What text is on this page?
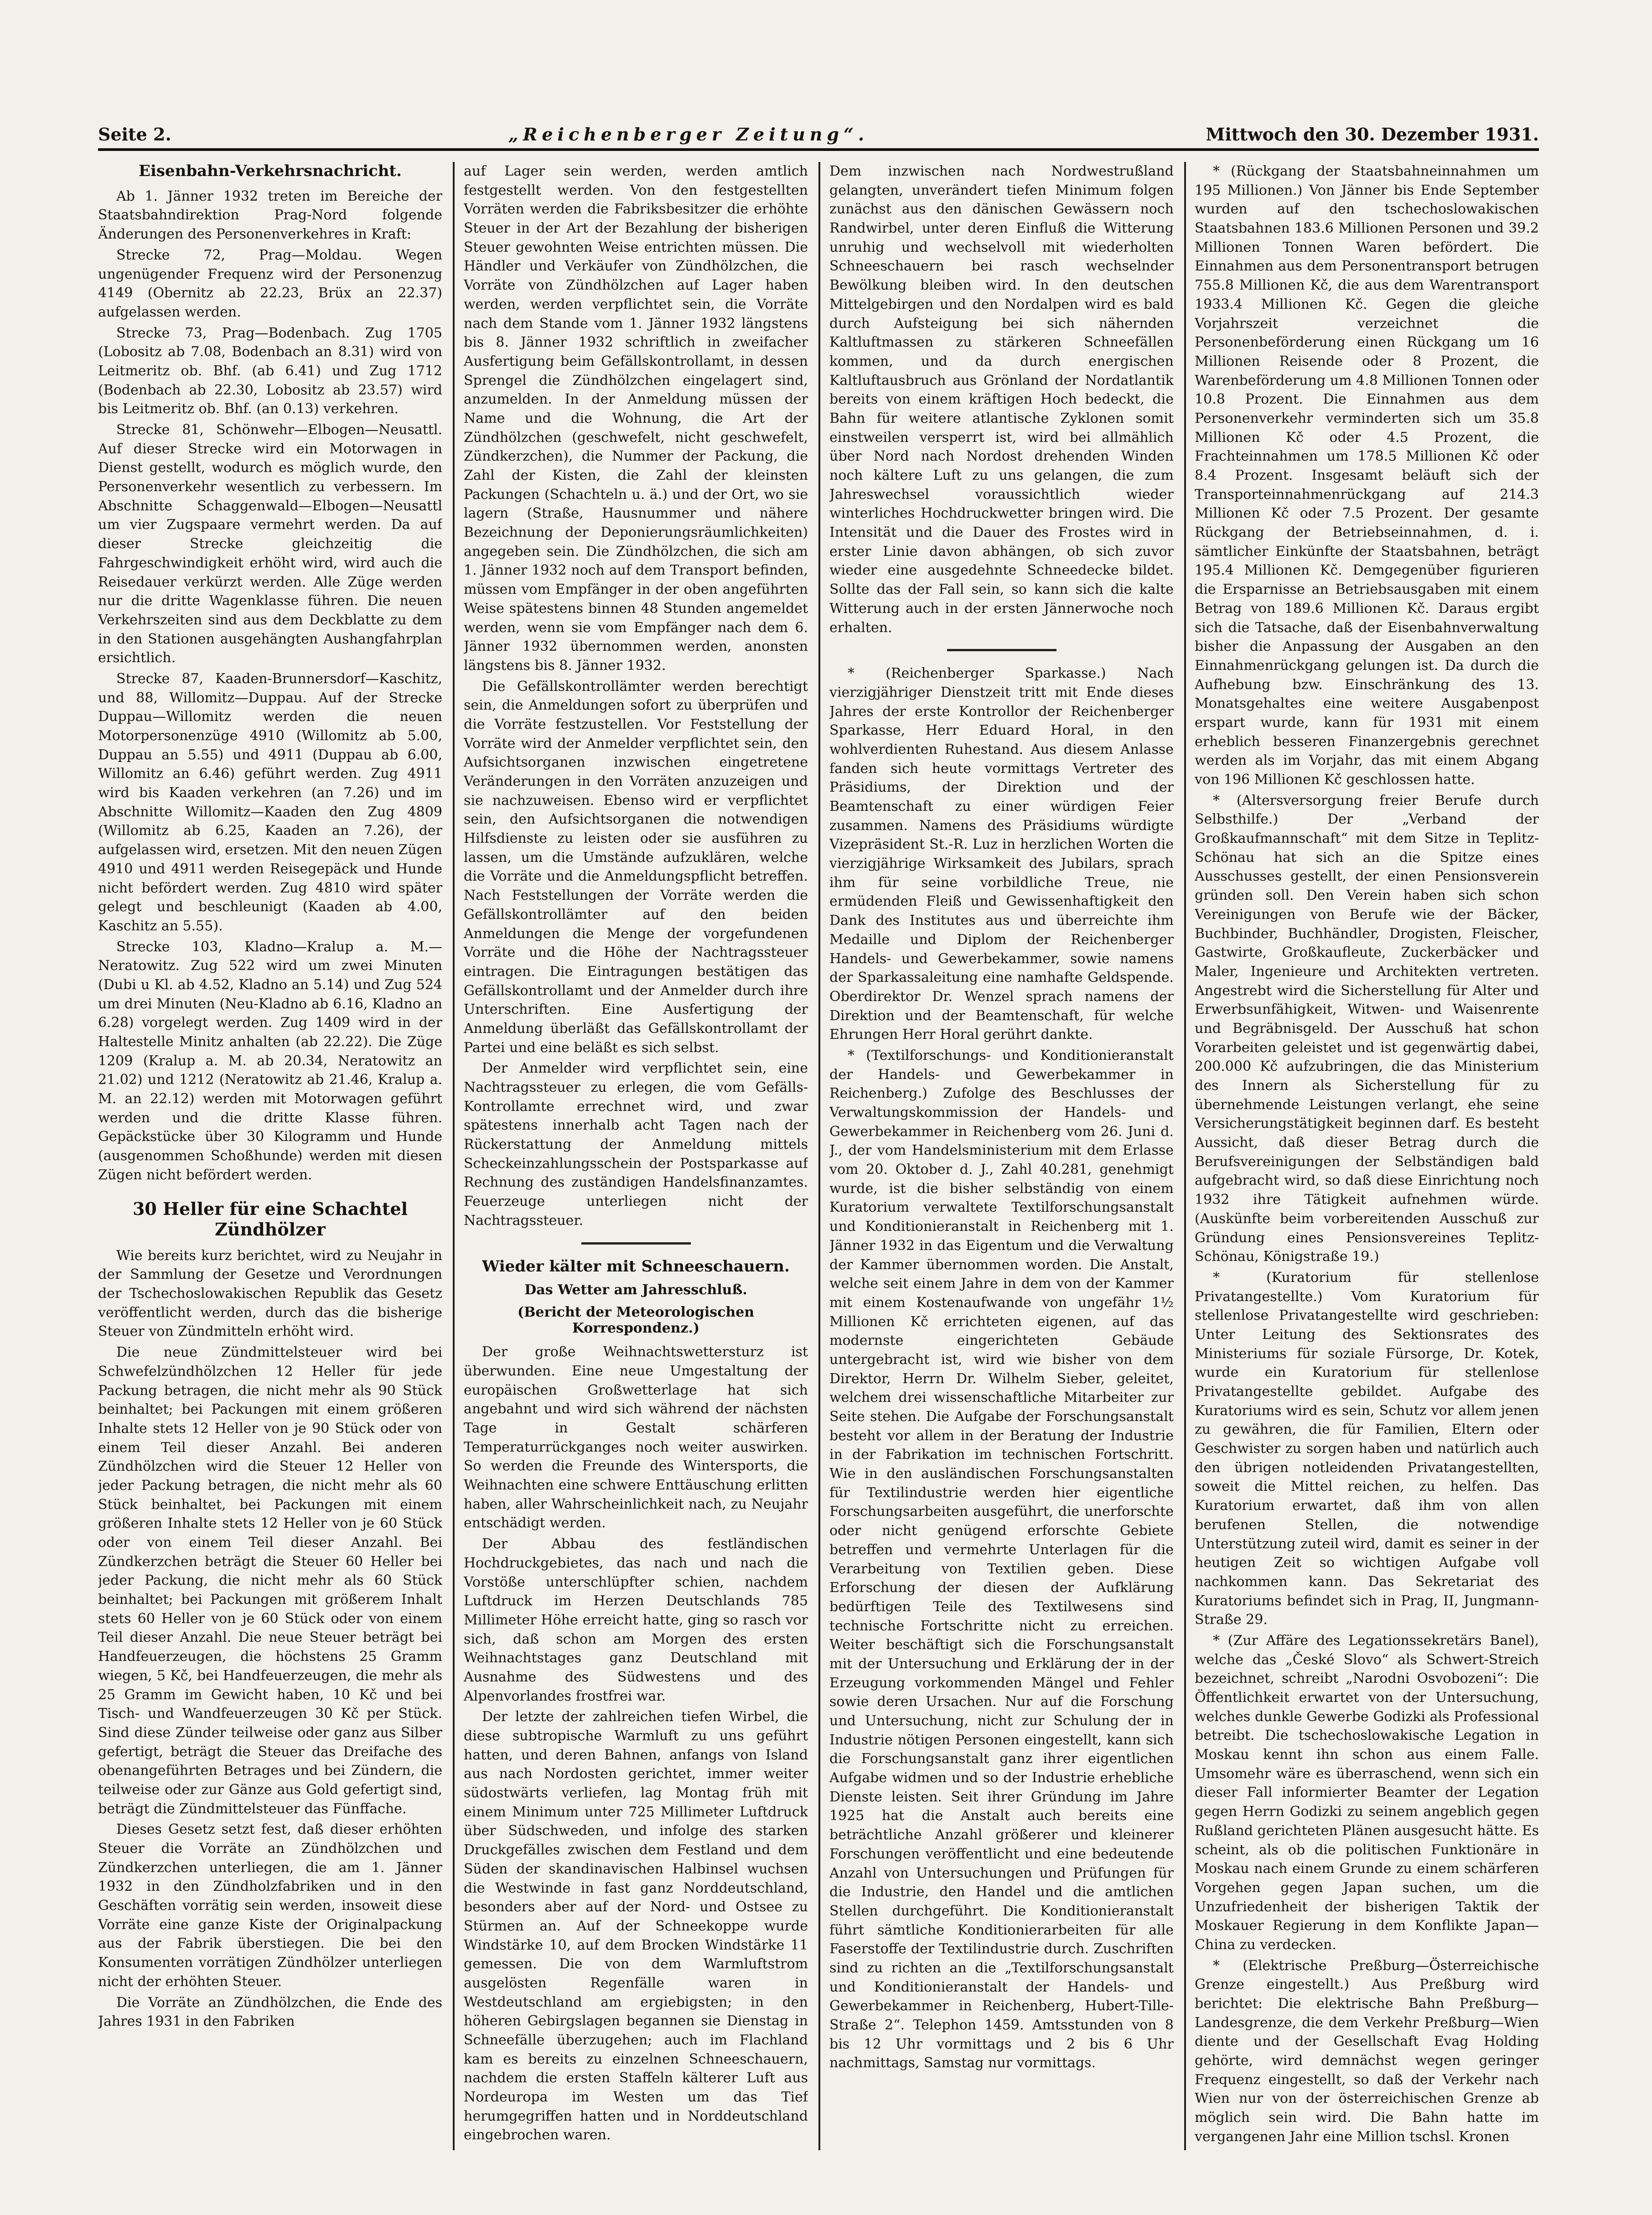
Seite 2.	„Reichenberger Zeitung“.	Mittwoch den 30. Dezember 1931.
Eisenbahn-Verkehrsnachricht.

Ab 1. Jänner 1932 treten im Bereiche der Staatsbahndirektion Prag-Nord folgende Änderungen des Personenverkehres in Kraft:

Strecke 72, Prag—Moldau. Wegen ungenügender Frequenz wird der Personenzug 4149 (Obernitz ab 22.23, Brüx an 22.37) aufgelassen werden.

Strecke 73, Prag—Bodenbach. Zug 1705 (Lobositz ab 7.08, Bodenbach an 8.31) wird von Leitmeritz ob. Bhf. (ab 6.41) und Zug 1712 (Bodenbach ab 22.30, Lobositz ab 23.57) wird bis Leitmeritz ob. Bhf. (an 0.13) verkehren.

Strecke 81, Schönwehr—Elbogen—Neusattl. Auf dieser Strecke wird ein Motorwagen in Dienst gestellt, wodurch es möglich wurde, den Personenverkehr wesentlich zu verbessern. Im Abschnitte Schaggenwald—Elbogen—Neusattl um vier Zugspaare vermehrt werden. Da auf dieser Strecke gleichzeitig die Fahrgeschwindigkeit erhöht wird, wird auch die Reisedauer verkürzt werden. Alle Züge werden nur die dritte Wagenklasse führen. Die neuen Verkehrszeiten sind aus dem Deckblatte zu dem in den Stationen ausgehängten Aushangfahrplan ersichtlich.

Strecke 87, Kaaden-Brunnersdorf—Kaschitz, und 88, Willomitz—Duppau. Auf der Strecke Duppau—Willomitz werden die neuen Motorpersonenzüge 4910 (Willomitz ab 5.00, Duppau an 5.55) und 4911 (Duppau ab 6.00, Willomitz an 6.46) geführt werden. Zug 4911 wird bis Kaaden verkehren (an 7.26) und im Abschnitte Willomitz—Kaaden den Zug 4809 (Willomitz ab 6.25, Kaaden an 7.26), der aufgelassen wird, ersetzen. Mit den neuen Zügen 4910 und 4911 werden Reisegepäck und Hunde nicht befördert werden. Zug 4810 wird später gelegt und beschleunigt (Kaaden ab 4.00, Kaschitz an 5.55).

Strecke 103, Kladno—Kralup a. M.—Neratowitz. Zug 522 wird um zwei Minuten (Dubi u Kl. ab 4.52, Kladno an 5.14) und Zug 524 um drei Minuten (Neu-Kladno ab 6.16, Kladno an 6.28) vorgelegt werden. Zug 1409 wird in der Haltestelle Minitz anhalten (ab 22.22). Die Züge 1209 (Kralup a. M. ab 20.34, Neratowitz an 21.02) und 1212 (Neratowitz ab 21.46, Kralup a. M. an 22.12) werden mit Motorwagen geführt werden und die dritte Klasse führen. Gepäckstücke über 30 Kilogramm und Hunde (ausgenommen Schoßhunde) werden mit diesen Zügen nicht befördert werden.

30 Heller für eine Schachtel Zündhölzer

Wie bereits kurz berichtet, wird zu Neujahr in der Sammlung der Gesetze und Verordnungen der Tschechoslowakischen Republik das Gesetz veröffentlicht werden, durch das die bisherige Steuer von Zündmitteln erhöht wird.

Die neue Zündmittelsteuer wird bei Schwefelzündhölzchen 12 Heller für jede Packung betragen, die nicht mehr als 90 Stück beinhaltet; bei Packungen mit einem größeren Inhalte stets 12 Heller von je 90 Stück oder von einem Teil dieser Anzahl. Bei anderen Zündhölzchen wird die Steuer 12 Heller von jeder Packung betragen, die nicht mehr als 60 Stück beinhaltet, bei Packungen mit einem größeren Inhalte stets 12 Heller von je 60 Stück oder von einem Teil dieser Anzahl. Bei Zündkerzchen beträgt die Steuer 60 Heller bei jeder Packung, die nicht mehr als 60 Stück beinhaltet; bei Packungen mit größerem Inhalt stets 60 Heller von je 60 Stück oder von einem Teil dieser Anzahl. Die neue Steuer beträgt bei Handfeuerzeugen, die höchstens 25 Gramm wiegen, 5 Kč, bei Handfeuerzeugen, die mehr als 25 Gramm im Gewicht haben, 10 Kč und bei Tisch- und Wandfeuerzeugen 30 Kč per Stück. Sind diese Zünder teilweise oder ganz aus Silber gefertigt, beträgt die Steuer das Dreifache des obenangeführten Betrages und bei Zündern, die teilweise oder zur Gänze aus Gold gefertigt sind, beträgt die Zündmittelsteuer das Fünffache.

Dieses Gesetz setzt fest, daß dieser erhöhten Steuer die Vorräte an Zündhölzchen und Zündkerzchen unterliegen, die am 1. Jänner 1932 in den Zündholzfabriken und in den Geschäften vorrätig sein werden, insoweit diese Vorräte eine ganze Kiste der Originalpackung aus der Fabrik überstiegen. Die bei den Konsumenten vorrätigen Zündhölzer unterliegen nicht der erhöhten Steuer.

Die Vorräte an Zündhölzchen, die Ende des Jahres 1931 in den Fabriken

auf Lager sein werden, werden amtlich festgestellt werden. Von den festgestellten Vorräten werden die Fabriksbesitzer die erhöhte Steuer in der Art der Bezahlung der bisherigen Steuer gewohnten Weise entrichten müssen. Die Händler und Verkäufer von Zündhölzchen, die Vorräte von Zündhölzchen auf Lager haben werden, werden verpflichtet sein, die Vorräte nach dem Stande vom 1. Jänner 1932 längstens bis 8. Jänner 1932 schriftlich in zweifacher Ausfertigung beim Gefällskontrollamt, in dessen Sprengel die Zündhölzchen eingelagert sind, anzumelden. In der Anmeldung müssen der Name und die Wohnung, die Art der Zündhölzchen (geschwefelt, nicht geschwefelt, Zündkerzchen), die Nummer der Packung, die Zahl der Kisten, die Zahl der kleinsten Packungen (Schachteln u. ä.) und der Ort, wo sie lagern (Straße, Hausnummer und nähere Bezeichnung der Deponierungsräumlichkeiten) angegeben sein. Die Zündhölzchen, die sich am 1. Jänner 1932 noch auf dem Transport befinden, müssen vom Empfänger in der oben angeführten Weise spätestens binnen 48 Stunden angemeldet werden, wenn sie vom Empfänger nach dem 6. Jänner 1932 übernommen werden, anonsten längstens bis 8. Jänner 1932.

Die Gefällskontrollämter werden berechtigt sein, die Anmeldungen sofort zu überprüfen und die Vorräte festzustellen. Vor Feststellung der Vorräte wird der Anmelder verpflichtet sein, den Aufsichtsorganen inzwischen eingetretene Veränderungen in den Vorräten anzuzeigen und sie nachzuweisen. Ebenso wird er verpflichtet sein, den Aufsichtsorganen die notwendigen Hilfsdienste zu leisten oder sie ausführen zu lassen, um die Umstände aufzuklären, welche die Vorräte und die Anmeldungspflicht betreffen. Nach Feststellungen der Vorräte werden die Gefällskontrollämter auf den beiden Anmeldungen die Menge der vorgefundenen Vorräte und die Höhe der Nachtragssteuer eintragen. Die Eintragungen bestätigen das Gefällskontrollamt und der Anmelder durch ihre Unterschriften. Eine Ausfertigung der Anmeldung überläßt das Gefällskontrollamt der Partei und eine beläßt es sich selbst.

Der Anmelder wird verpflichtet sein, eine Nachtragssteuer zu erlegen, die vom Gefälls-Kontrollamte errechnet wird, und zwar spätestens innerhalb acht Tagen nach der Rückerstattung der Anmeldung mittels Scheckeinzahlungsschein der Postsparkasse auf Rechnung des zuständigen Handelsfinanzamtes. Feuerzeuge unterliegen nicht der Nachtragssteuer.

Wieder kälter mit Schneeschauern.
Das Wetter am Jahresschluß.
(Bericht der Meteorologischen Korrespondenz.)

Der große Weihnachtswettersturz ist überwunden. Eine neue Umgestaltung der europäischen Großwetterlage hat sich angebahnt und wird sich während der nächsten Tage in Gestalt schärferen Temperaturrückganges noch weiter auswirken. So werden die Freunde des Wintersports, die Weihnachten eine schwere Enttäuschung erlitten haben, aller Wahrscheinlichkeit nach, zu Neujahr entschädigt werden.

Der Abbau des festländischen Hochdruckgebietes, das nach und nach die Vorstöße unterschlüpfter schien, nachdem Luftdruck im Herzen Deutschlands 785 Millimeter Höhe erreicht hatte, ging so rasch vor sich, daß schon am Morgen des ersten Weihnachtstages ganz Deutschland mit Ausnahme des Südwestens und des Alpenvorlandes frostfrei war.

Der letzte der zahlreichen tiefen Wirbel, die diese subtropische Warmluft zu uns geführt hatten, und deren Bahnen, anfangs von Island aus nach Nordosten gerichtet, immer weiter südostwärts verliefen, lag Montag früh mit einem Minimum unter 725 Millimeter Luftdruck über Südschweden, und infolge des starken Druckgefälles zwischen dem Festland und dem Süden der skandinavischen Halbinsel wuchsen die Westwinde in fast ganz Norddeutschland, besonders aber auf der Nord- und Ostsee zu Stürmen an. Auf der Schneekoppe wurde Windstärke 10, auf dem Brocken Windstärke 11 gemessen. Die von dem Warmluftstrom ausgelösten Regenfälle waren in Westdeutschland am ergiebigsten; in den höheren Gebirgslagen begannen sie Dienstag in Schneefälle überzugehen; auch im Flachland kam es bereits zu einzelnen Schneeschauern, nachdem die ersten Staffeln kälterer Luft aus Nordeuropa im Westen um das Tief herumgegriffen hatten und in Norddeutschland eingebrochen waren.

Dem inzwischen nach Nordwestrußland gelangten, unverändert tiefen Minimum folgen zunächst aus den dänischen Gewässern noch Randwirbel, unter deren Einfluß die Witterung unruhig und wechselvoll mit wiederholten Schneeschauern bei rasch wechselnder Bewölkung bleiben wird. In den deutschen Mittelgebirgen und den Nordalpen wird es bald durch Aufsteigung bei sich nähernden Kaltluftmassen zu stärkeren Schneefällen kommen, und da durch energischen Kaltluftausbruch aus Grönland der Nordatlantik bereits von einem kräftigen Hoch bedeckt, die Bahn für weitere atlantische Zyklonen somit einstweilen versperrt ist, wird bei allmählich über Nord nach Nordost drehenden Winden noch kältere Luft zu uns gelangen, die zum Jahreswechsel voraussichtlich wieder winterliches Hochdruckwetter bringen wird. Die Intensität und die Dauer des Frostes wird in erster Linie davon abhängen, ob sich zuvor wieder eine ausgedehnte Schneedecke bildet. Sollte das der Fall sein, so kann sich die kalte Witterung auch in der ersten Jännerwoche noch erhalten.

* (Reichenberger Sparkasse.) Nach vierzigjähriger Dienstzeit tritt mit Ende dieses Jahres der erste Kontrollor der Reichenberger Sparkasse, Herr Eduard Horal, in den wohlverdienten Ruhestand. Aus diesem Anlasse fanden sich heute vormittags Vertreter des Präsidiums, der Direktion und der Beamtenschaft zu einer würdigen Feier zusammen. Namens des Präsidiums würdigte Vizepräsident St.-R. Luz in herzlichen Worten die vierzigjährige Wirksamkeit des Jubilars, sprach ihm für seine vorbildliche Treue, nie ermüdenden Fleiß und Gewissenhaftigkeit den Dank des Institutes aus und überreichte ihm Medaille und Diplom der Reichenberger Handels- und Gewerbekammer, sowie namens der Sparkassaleitung eine namhafte Geldspende. Oberdirektor Dr. Wenzel sprach namens der Direktion und der Beamtenschaft, für welche Ehrungen Herr Horal gerührt dankte.

* (Textilforschungs- und Konditionieranstalt der Handels- und Gewerbekammer in Reichenberg.) Zufolge des Beschlusses der Verwaltungskommission der Handels- und Gewerbekammer in Reichenberg vom 26. Juni d. J., der vom Handelsministerium mit dem Erlasse vom 20. Oktober d. J., Zahl 40.281, genehmigt wurde, ist die bisher selbständig von einem Kuratorium verwaltete Textilforschungsanstalt und Konditionieranstalt in Reichenberg mit 1. Jänner 1932 in das Eigentum und die Verwaltung der Kammer übernommen worden. Die Anstalt, welche seit einem Jahre in dem von der Kammer mit einem Kostenaufwande von ungefähr 1½ Millionen Kč errichteten eigenen, auf das modernste eingerichteten Gebäude untergebracht ist, wird wie bisher von dem Direktor, Herrn Dr. Wilhelm Sieber, geleitet, welchem drei wissenschaftliche Mitarbeiter zur Seite stehen. Die Aufgabe der Forschungsanstalt besteht vor allem in der Beratung der Industrie in der Fabrikation im technischen Fortschritt. Wie in den ausländischen Forschungsanstalten für Textilindustrie werden hier eigentliche Forschungsarbeiten ausgeführt, die unerforschte oder nicht genügend erforschte Gebiete betreffen und vermehrte Unterlagen für die Verarbeitung von Textilien geben. Diese Erforschung der diesen der Aufklärung bedürftigen Teile des Textilwesens sind technische Fortschritte nicht zu erreichen. Weiter beschäftigt sich die Forschungsanstalt mit der Untersuchung und Erklärung der in der Erzeugung vorkommenden Mängel und Fehler sowie deren Ursachen. Nur auf die Forschung und Untersuchung, nicht zur Schulung der in Industrie nötigen Personen eingestellt, kann sich die Forschungsanstalt ganz ihrer eigentlichen Aufgabe widmen und so der Industrie erhebliche Dienste leisten. Seit ihrer Gründung im Jahre 1925 hat die Anstalt auch bereits eine beträchtliche Anzahl größerer und kleinerer Forschungen veröffentlicht und eine bedeutende Anzahl von Untersuchungen und Prüfungen für die Industrie, den Handel und die amtlichen Stellen durchgeführt. Die Konditionieranstalt führt sämtliche Konditionierarbeiten für alle Faserstoffe der Textilindustrie durch. Zuschriften sind zu richten an die „Textilforschungsanstalt und Konditionieranstalt der Handels- und Gewerbekammer in Reichenberg, Hubert-Tille-Straße 2“. Telephon 1459. Amtsstunden von 8 bis 12 Uhr vormittags und 2 bis 6 Uhr nachmittags, Samstag nur vormittags.

* (Rückgang der Staatsbahneinnahmen um 195 Millionen.) Von Jänner bis Ende September wurden auf den tschechoslowakischen Staatsbahnen 183.6 Millionen Personen und 39.2 Millionen Tonnen Waren befördert. Die Einnahmen aus dem Personentransport betrugen 755.8 Millionen Kč, die aus dem Warentransport 1933.4 Millionen Kč. Gegen die gleiche Vorjahrszeit verzeichnet die Personenbeförderung einen Rückgang um 16 Millionen Reisende oder 8 Prozent, die Warenbeförderung um 4.8 Millionen Tonnen oder 10.8 Prozent. Die Einnahmen aus dem Personenverkehr verminderten sich um 35.8 Millionen Kč oder 4.5 Prozent, die Frachteinnahmen um 178.5 Millionen Kč oder 8.4 Prozent. Insgesamt beläuft sich der Transporteinnahmenrückgang auf 214.3 Millionen Kč oder 7.5 Prozent. Der gesamte Rückgang der Betriebseinnahmen, d. i. sämtlicher Einkünfte der Staatsbahnen, beträgt 195.4 Millionen Kč. Demgegenüber figurieren die Ersparnisse an Betriebsausgaben mit einem Betrag von 189.6 Millionen Kč. Daraus ergibt sich die Tatsache, daß der Eisenbahnverwaltung bisher die Anpassung der Ausgaben an den Einnahmenrückgang gelungen ist. Da durch die Aufhebung bzw. Einschränkung des 13. Monatsgehaltes eine weitere Ausgabenpost erspart wurde, kann für 1931 mit einem erheblich besseren Finanzergebnis gerechnet werden als im Vorjahr, das mit einem Abgang von 196 Millionen Kč geschlossen hatte.

* (Altersversorgung freier Berufe durch Selbsthilfe.) Der „Verband der Großkaufmannschaft“ mit dem Sitze in Teplitz-Schönau hat sich an die Spitze eines Ausschusses gestellt, der einen Pensionsverein gründen soll. Den Verein haben sich schon Vereinigungen von Berufe wie der Bäcker, Buchbinder, Buchhändler, Drogisten, Fleischer, Gastwirte, Großkaufleute, Zuckerbäcker und Maler, Ingenieure und Architekten vertreten. Angestrebt wird die Sicherstellung für Alter und Erwerbsunfähigkeit, Witwen- und Waisenrente und Begräbnisgeld. Der Ausschuß hat schon Vorarbeiten geleistet und ist gegenwärtig dabei, 200.000 Kč aufzubringen, die das Ministerium des Innern als Sicherstellung für zu übernehmende Leistungen verlangt, ehe seine Versicherungstätigkeit beginnen darf. Es besteht Aussicht, daß dieser Betrag durch die Berufsvereinigungen der Selbständigen bald aufgebracht wird, so daß diese Einrichtung noch 1932 ihre Tätigkeit aufnehmen würde. (Auskünfte beim vorbereitenden Ausschuß zur Gründung eines Pensionsvereines Teplitz-Schönau, Königstraße 19.)

* (Kuratorium für stellenlose Privatangestellte.) Vom Kuratorium für stellenlose Privatangestellte wird geschrieben: Unter Leitung des Sektionsrates des Ministeriums für soziale Fürsorge, Dr. Kotek, wurde ein Kuratorium für stellenlose Privatangestellte gebildet. Aufgabe des Kuratoriums wird es sein, Schutz vor allem jenen zu gewähren, die für Familien, Eltern oder Geschwister zu sorgen haben und natürlich auch den übrigen notleidenden Privatangestellten, soweit die Mittel reichen, zu helfen. Das Kuratorium erwartet, daß ihm von allen berufenen Stellen, die notwendige Unterstützung zuteil wird, damit es seiner in der heutigen Zeit so wichtigen Aufgabe voll nachkommen kann. Das Sekretariat des Kuratoriums befindet sich in Prag, II, Jungmann-Straße 29.

* (Zur Affäre des Legationssekretärs Banel), welche das „České Slovo“ als Schwert-Streich bezeichnet, schreibt „Narodni Osvobozeni“: Die Öffentlichkeit erwartet von der Untersuchung, welches dunkle Gewerbe Godizki als Professional betreibt. Die tschechoslowakische Legation in Moskau kennt ihn schon aus einem Falle. Umsomehr wäre es überraschend, wenn sich ein dieser Fall informierter Beamter der Legation gegen Herrn Godizki zu seinem angeblich gegen Rußland gerichteten Plänen ausgesucht hätte. Es scheint, als ob die politischen Funktionäre in Moskau nach einem Grunde zu einem schärferen Vorgehen gegen Japan suchen, um die Unzufriedenheit der bisherigen Taktik der Moskauer Regierung in dem Konflikte Japan—China zu verdecken.

* (Elektrische Preßburg—Österreichische Grenze eingestellt.) Aus Preßburg wird berichtet: Die elektrische Bahn Preßburg—Landesgrenze, die dem Verkehr Preßburg—Wien diente und der Gesellschaft Evag Holding gehörte, wird demnächst wegen geringer Frequenz eingestellt, so daß der Verkehr nach Wien nur von der österreichischen Grenze ab möglich sein wird. Die Bahn hatte im vergangenen Jahr eine Million tschsl. Kronen
